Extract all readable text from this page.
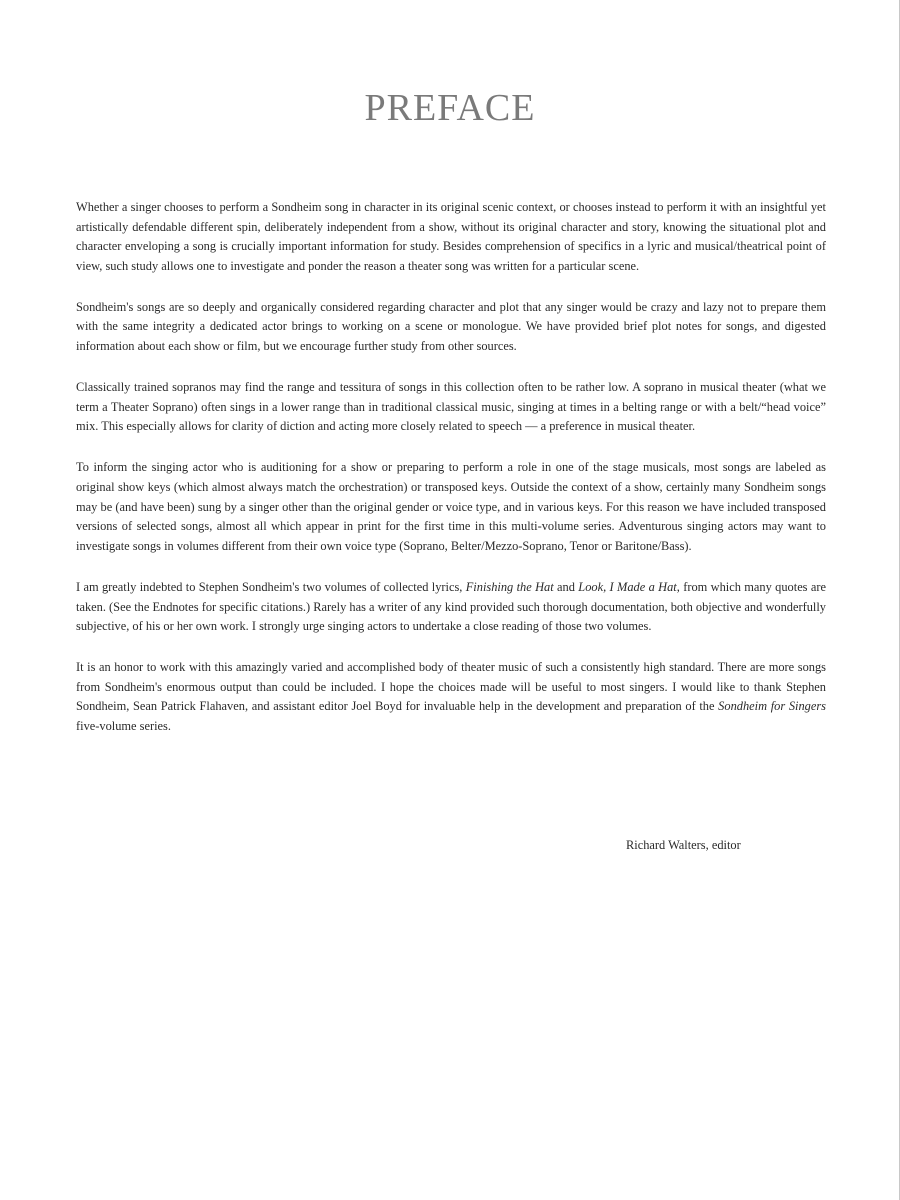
PREFACE

Whether a singer chooses to perform a Sondheim song in character in its original scenic context, or chooses instead to perform it with an insightful yet artistically defendable different spin, deliberately independent from a show, without its original character and story, knowing the situational plot and character enveloping a song is crucially important information for study. Besides comprehension of specifics in a lyric and musical/theatrical point of view, such study allows one to investigate and ponder the reason a theater song was written for a particular scene.

Sondheim's songs are so deeply and organically considered regarding character and plot that any singer would be crazy and lazy not to prepare them with the same integrity a dedicated actor brings to working on a scene or monologue. We have provided brief plot notes for songs, and digested information about each show or film, but we encourage further study from other sources.

Classically trained sopranos may find the range and tessitura of songs in this collection often to be rather low. A soprano in musical theater (what we term a Theater Soprano) often sings in a lower range than in traditional classical music, singing at times in a belting range or with a belt/“head voice” mix. This especially allows for clarity of diction and acting more closely related to speech — a preference in musical theater.

To inform the singing actor who is auditioning for a show or preparing to perform a role in one of the stage musicals, most songs are labeled as original show keys (which almost always match the orchestration) or transposed keys. Outside the context of a show, certainly many Sondheim songs may be (and have been) sung by a singer other than the original gender or voice type, and in various keys. For this reason we have included transposed versions of selected songs, almost all which appear in print for the first time in this multi-volume series. Adventurous singing actors may want to investigate songs in volumes different from their own voice type (Soprano, Belter/Mezzo-Soprano, Tenor or Baritone/Bass).

I am greatly indebted to Stephen Sondheim's two volumes of collected lyrics, Finishing the Hat and Look, I Made a Hat, from which many quotes are taken. (See the Endnotes for specific citations.) Rarely has a writer of any kind provided such thorough documentation, both objective and wonderfully subjective, of his or her own work. I strongly urge singing actors to undertake a close reading of those two volumes.

It is an honor to work with this amazingly varied and accomplished body of theater music of such a consistently high standard. There are more songs from Sondheim's enormous output than could be included. I hope the choices made will be useful to most singers. I would like to thank Stephen Sondheim, Sean Patrick Flahaven, and assistant editor Joel Boyd for invaluable help in the development and preparation of the Sondheim for Singers five-volume series.

Richard Walters, editor
